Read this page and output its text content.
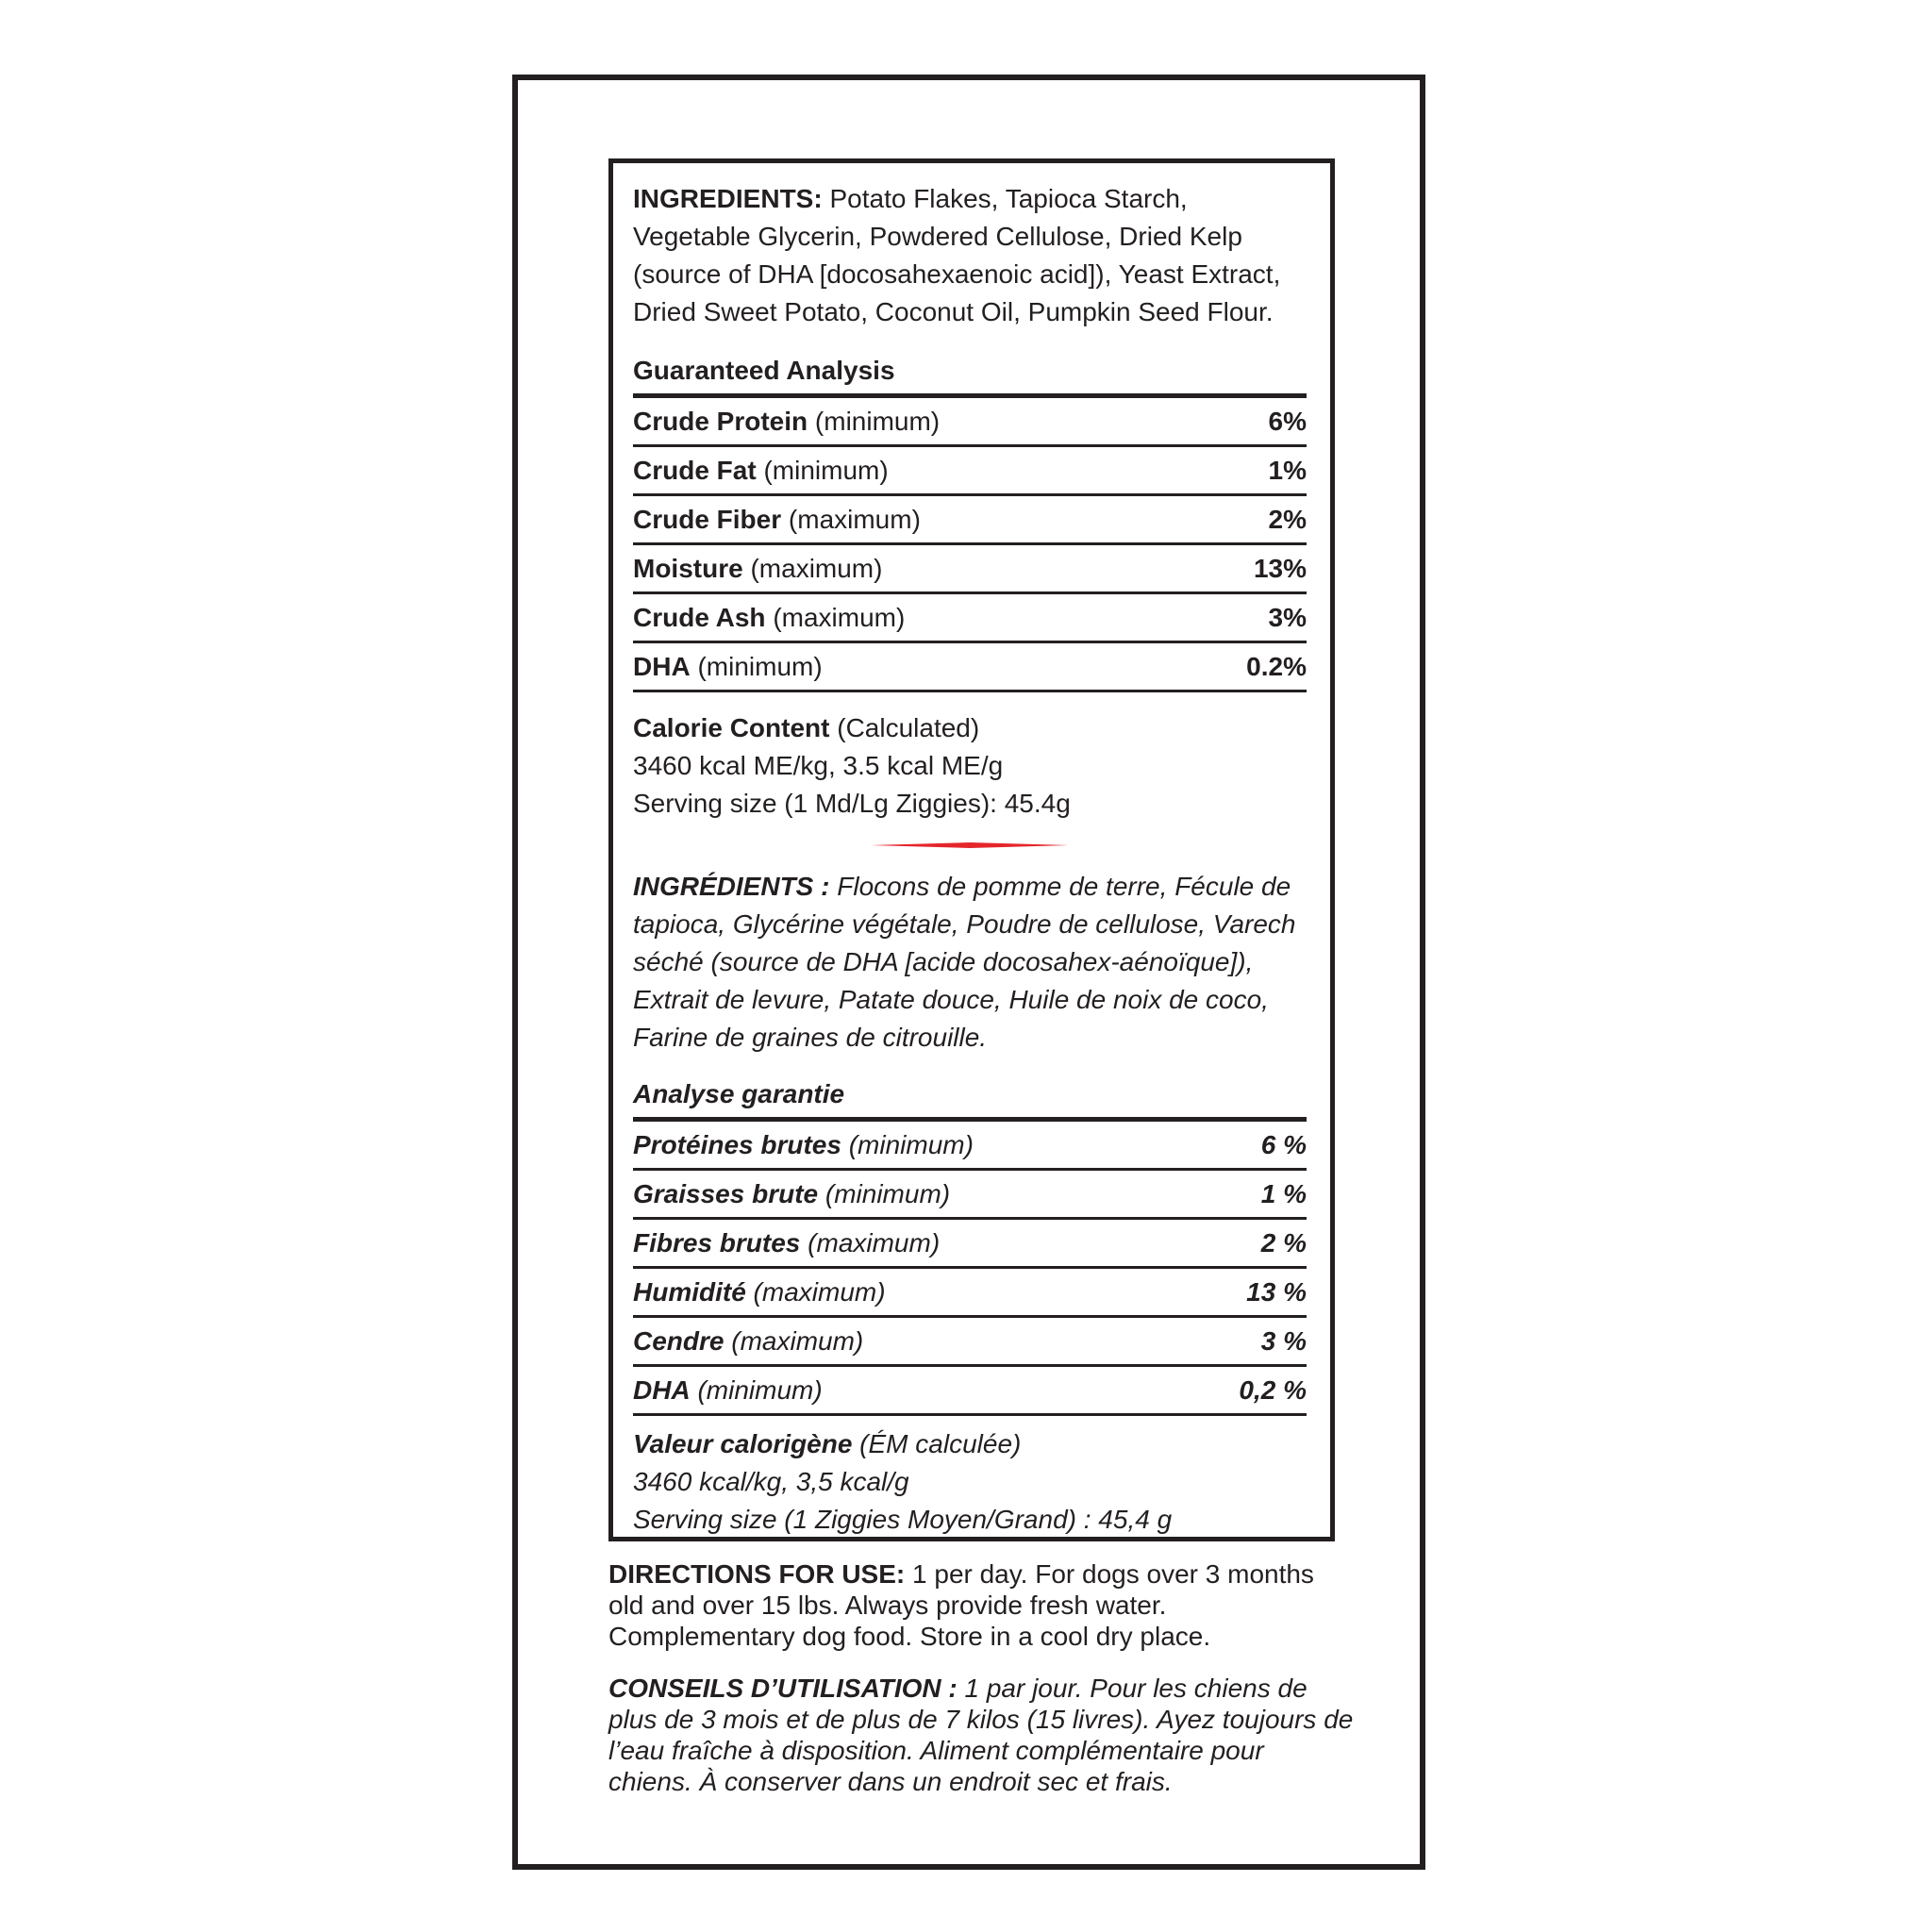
INGREDIENTS: Potato Flakes, Tapioca Starch, Vegetable Glycerin, Powdered Cellulose, Dried Kelp (source of DHA [docosahexaenoic acid]), Yeast Extract, Dried Sweet Potato, Coconut Oil, Pumpkin Seed Flour.

Guaranteed Analysis

Crude Protein (minimum)	6%
Crude Fat (minimum)	1%
Crude Fiber (maximum)	2%
Moisture (maximum)	13%
Crude Ash (maximum)	3%
DHA (minimum)	0.2%

Calorie Content (Calculated)

3460 kcal ME/kg, 3.5 kcal ME/g

Serving size (1 Md/Lg Ziggies): 45.4g

INGRÉDIENTS : Flocons de pomme de terre, Fécule de tapioca, Glycérine végétale, Poudre de cellulose, Varech séché (source de DHA [acide docosahex-aénoïque]), Extrait de levure, Patate douce, Huile de noix de coco, Farine de graines de citrouille.

Analyse garantie

Protéines brutes (minimum)	6 %
Graisses brute (minimum)	1 %
Fibres brutes (maximum)	2 %
Humidité (maximum)	13 %
Cendre (maximum)	3 %
DHA (minimum)	0,2 %

Valeur calorigène (ÉM calculée)

3460 kcal/kg, 3,5 kcal/g

Serving size (1 Ziggies Moyen/Grand) : 45,4 g

DIRECTIONS FOR USE: 1 per day. For dogs over 3 months old and over 15 lbs. Always provide fresh water. Complementary dog food. Store in a cool dry place.

CONSEILS D’UTILISATION : 1 par jour. Pour les chiens de plus de 3 mois et de plus de 7 kilos (15 livres). Ayez toujours de l’eau fraîche à disposition. Aliment complémentaire pour chiens. À conserver dans un endroit sec et frais.
